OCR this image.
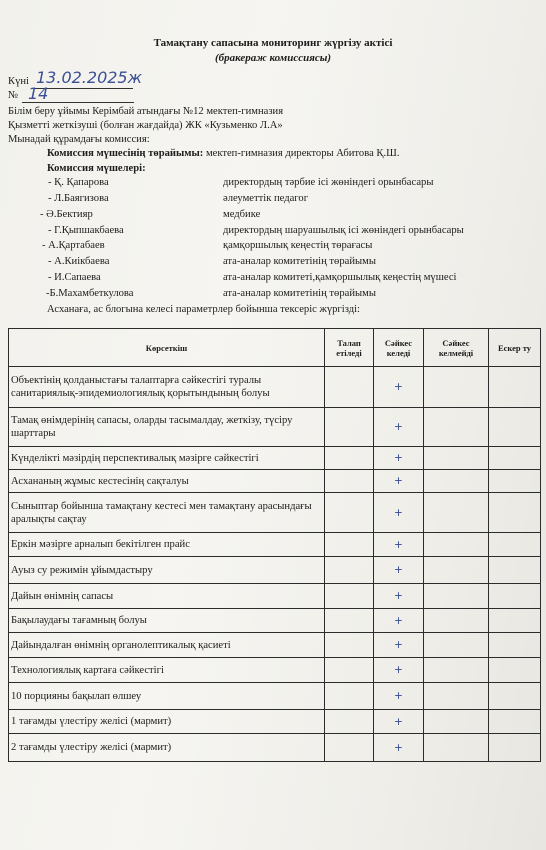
Тамақтану сапасына мониторинг жүргізу актісі
(бракераж комиссиясы)
Күні 13.02.2025ж
№ 14
Білім беру ұйымы Керімбай атындағы №12 мектеп-гимназия
Қызметті жеткізуші (болған жағдайда) ЖК «Кузьменко Л.А»
Мынадай құрамдағы комиссия:
Комиссия мүшесінің төрайымы: мектеп-гимназия директоры Абитова Қ.Ш.
Комиссия мүшелері:
- Қ. Қапарова	директордың тәрбие ісі жөніндегі орынбасары
- Л.Баягизова	әлеуметтік педагог
- Ә.Бектияр	медбике
- Г.Қыпшакбаева	директордың шаруашылық ісі жөніндегі орынбасары
- А.Қартабаев	қамқоршылық кеңестің төрағасы
- А.Киікбаева	ата-аналар комитетінің төрайымы
- И.Сапаева	ата-аналар комитеті,қамқоршылық кеңестің мүшесі
-Б.Махамбеткулова	ата-аналар комитетінің төрайымы
Асханаға, ас блогына келесі параметрлер бойынша тексеріс жүргізді:
Көрсеткіш	Талап етіледі	Сәйкес келеді	Сәйкес келмейді	Ескер ту
Объектінің қолданыстағы талаптарға сәйкестігі туралы санитариялық-эпидемиологиялық қорытындының болуы		+		
Тамақ өнімдерінің сапасы, оларды тасымалдау, жеткізу, түсіру шарттары		+		
Күнделікті мәзірдің перспективалық мәзірге сәйкестігі		+		
Асхананың жұмыс кестесінің сақталуы		+		
Сыныптар бойынша тамақтану кестесі мен тамақтану арасындағы аралықты сақтау		+		
Еркін мәзірге арналып бекітілген прайс		+		
Ауыз су режимін ұйымдастыру		+		
Дайын өнімнің сапасы		+		
Бақылаудағы тағамның болуы		+		
Дайындалған өнімнің органолептикалық қасиеті		+		
Технологиялық картаға сәйкестігі		+		
10 порцияны бақылап өлшеу		+		
1 тағамды үлестіру желісі (мармит)		+		
2 тағамды үлестіру желісі (мармит)		+		
